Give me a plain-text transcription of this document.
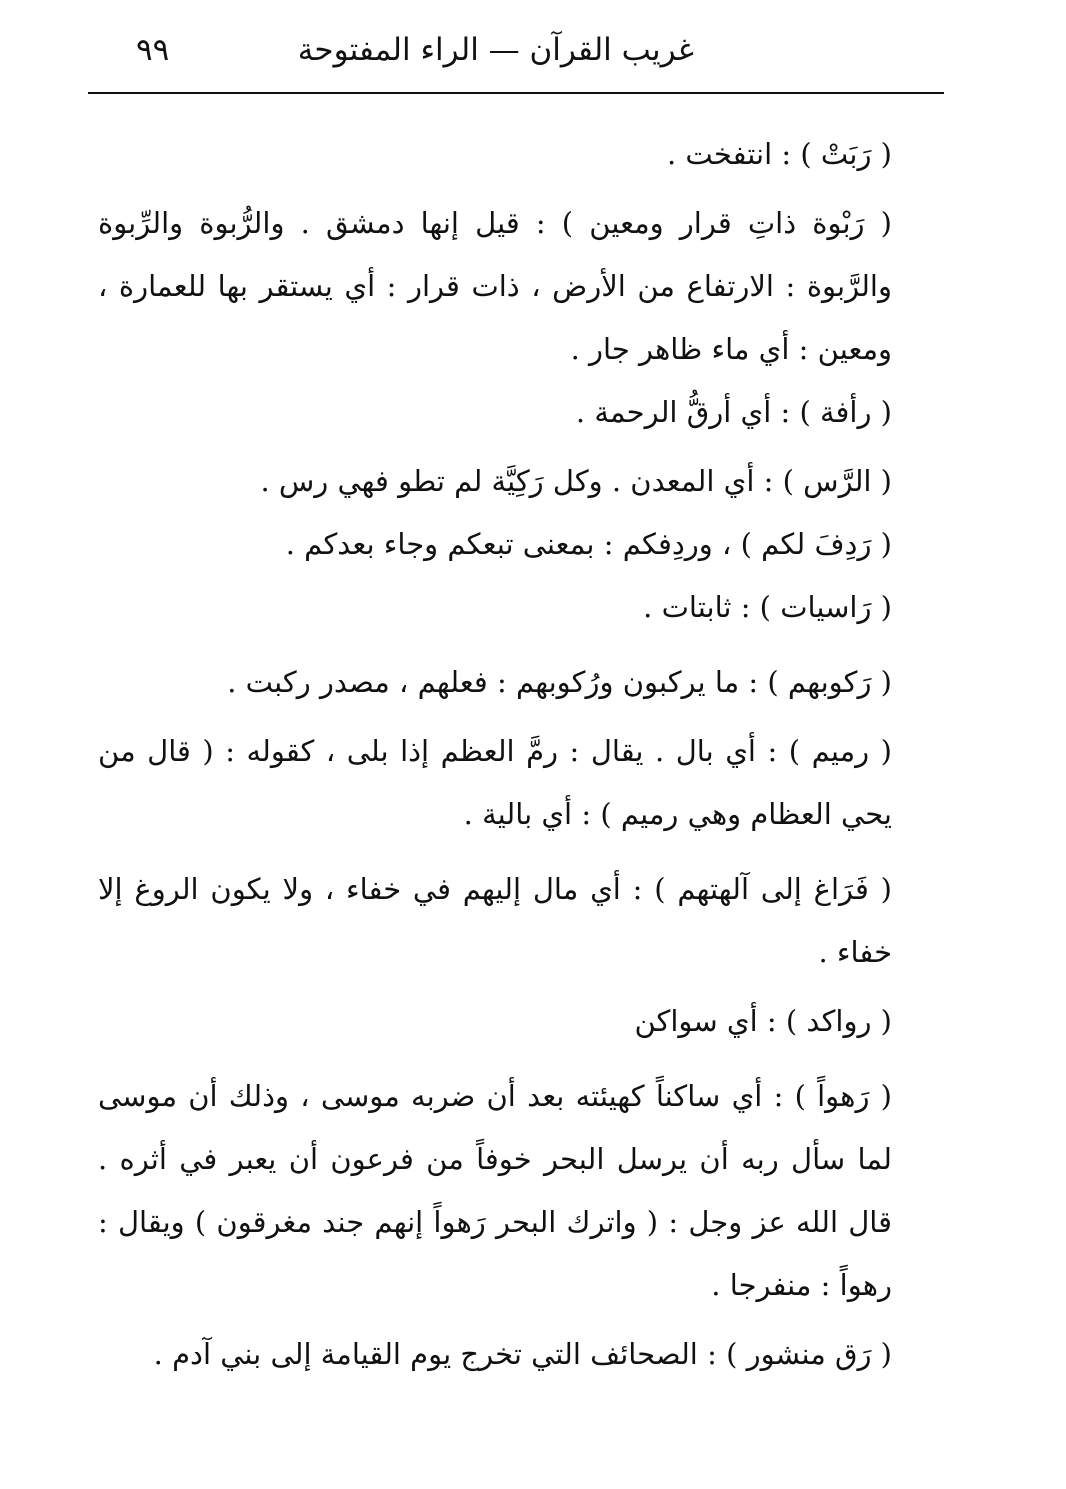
غريب القرآن — الراء المفتوحة
٩٩

( رَبَتْ ) : انتفخت .

( رَبْوة ذاتِ قرار ومعين ) : قيل إنها دمشق . والرُّبوة والرِّبوة والرَّبوة : الارتفاع من الأرض ، ذات قرار : أي يستقر بها للعمارة ، ومعين : أي ماء ظاهر جار .

( رأفة ) : أي أرقُّ الرحمة .

( الرَّس ) : أي المعدن . وكل رَكِيَّة لم تطو فهي رس .

( رَدِفَ لكم ) ، وردِفكم : بمعنى تبعكم وجاء بعدكم .

( رَاسيات ) : ثابتات .

( رَكوبهم ) : ما يركبون ورُكوبهم : فعلهم ، مصدر ركبت .

( رميم ) : أي بال . يقال : رمَّ العظم إذا بلى ، كقوله : ( قال من يحي العظام وهي رميم ) : أي بالية .

( فَرَاغ إلى آلهتهم ) : أي مال إليهم في خفاء ، ولا يكون الروغ إلا خفاء .

( رواكد ) : أي سواكن

( رَهواً ) : أي ساكناً كهيئته بعد أن ضربه موسى ، وذلك أن موسى لما سأل ربه أن يرسل البحر خوفاً من فرعون أن يعبر في أثره . قال الله عز وجل : ( واترك البحر رَهواً إنهم جند مغرقون ) ويقال : رهواً : منفرجا .

( رَق منشور ) : الصحائف التي تخرج يوم القيامة إلى بني آدم .
